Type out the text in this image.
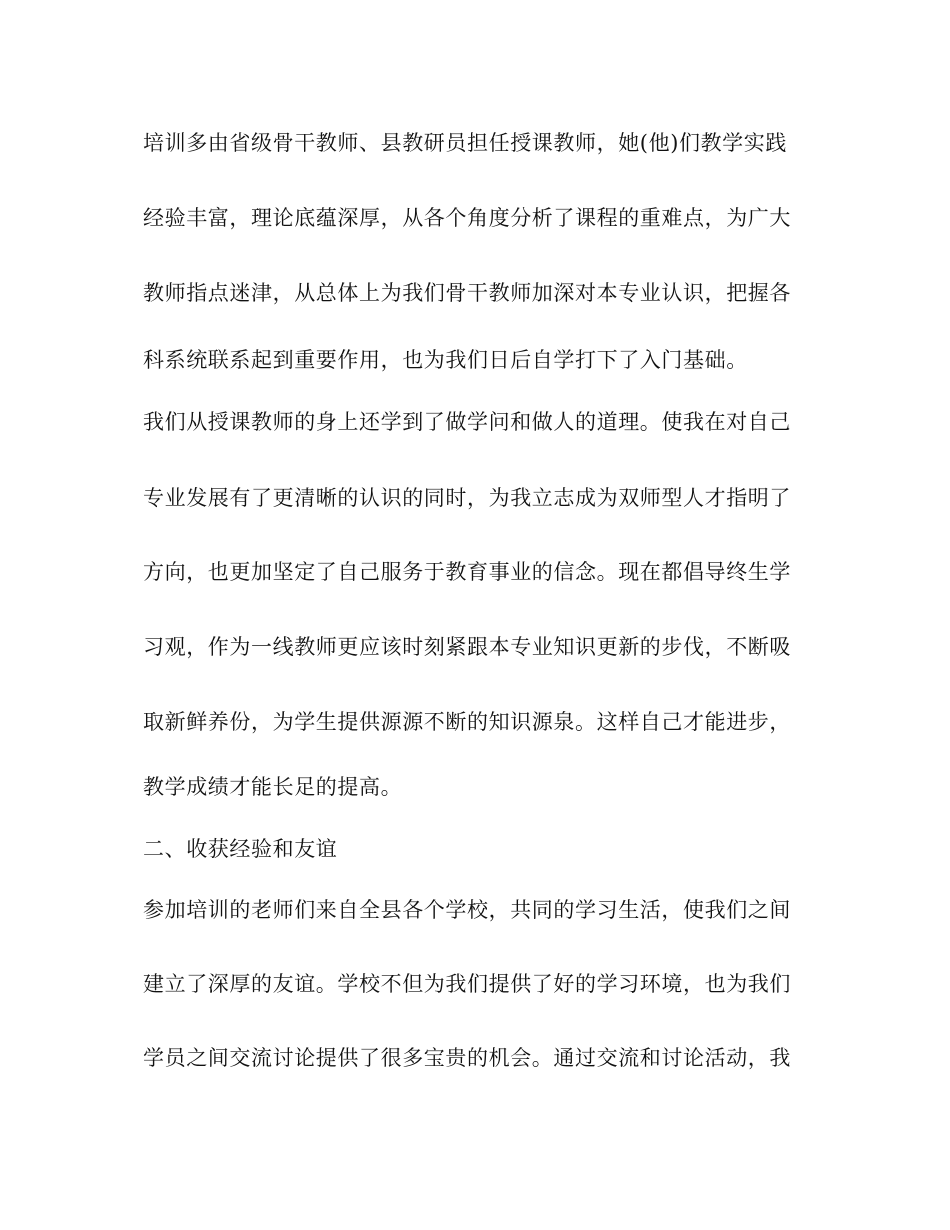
培训多由省级骨干教师、县教研员担任授课教师，她(他)们教学实践
经验丰富，理论底蕴深厚，从各个角度分析了课程的重难点，为广大
教师指点迷津，从总体上为我们骨干教师加深对本专业认识，把握各
科系统联系起到重要作用，也为我们日后自学打下了入门基础。
我们从授课教师的身上还学到了做学问和做人的道理。使我在对自己
专业发展有了更清晰的认识的同时，为我立志成为双师型人才指明了
方向，也更加坚定了自己服务于教育事业的信念。现在都倡导终生学
习观，作为一线教师更应该时刻紧跟本专业知识更新的步伐，不断吸
取新鲜养份，为学生提供源源不断的知识源泉。这样自己才能进步，
教学成绩才能长足的提高。
二、收获经验和友谊
参加培训的老师们来自全县各个学校，共同的学习生活，使我们之间
建立了深厚的友谊。学校不但为我们提供了好的学习环境，也为我们
学员之间交流讨论提供了很多宝贵的机会。通过交流和讨论活动，我
